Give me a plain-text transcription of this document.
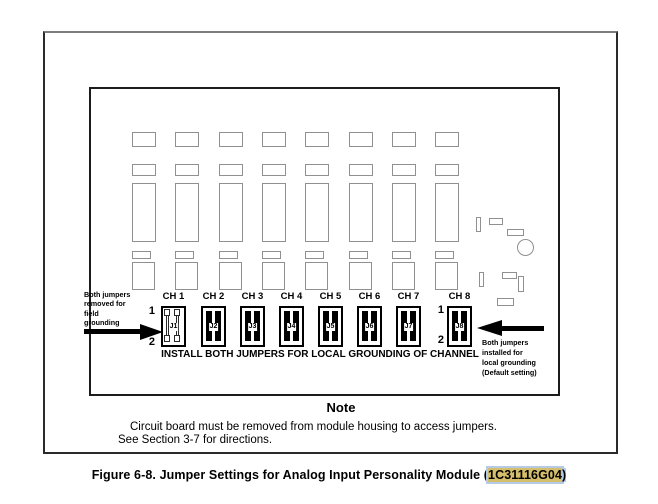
CH 1
J1
CH 2
J2
CH 3
J3
CH 4
J4
CH 5
J5
CH 6
J6
CH 7
J7
CH 8
J8
Both jumpers
removed for
field
grounding
Both jumpers
installed for
local grounding
(Default setting)
1
2
1
2
INSTALL BOTH JUMPERS FOR LOCAL GROUNDING OF CHANNEL
Note
Circuit board must be removed from module housing to access jumpers.
See Section 3-7 for directions.
Figure 6-8. Jumper Settings for Analog Input Personality Module (1C31116G04)
